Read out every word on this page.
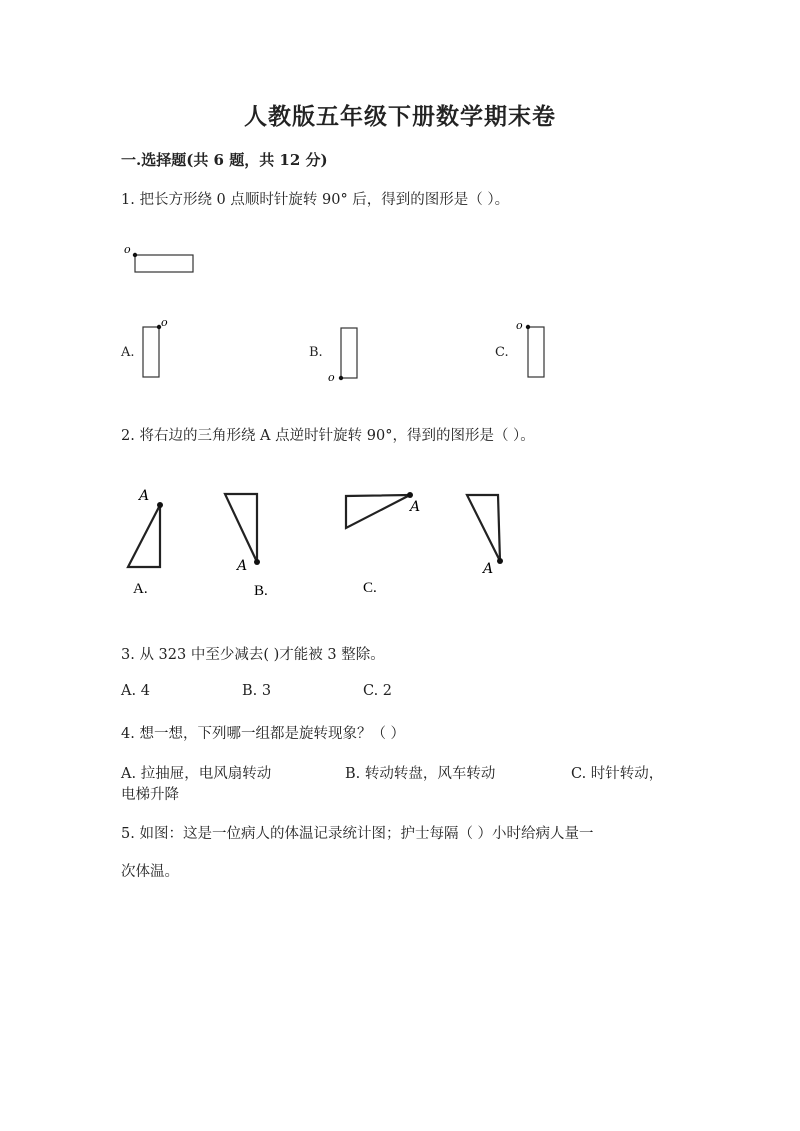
人教版五年级下册数学期末卷
一.选择题(共 6 题，共 12 分)
1. 把长方形绕 0 点顺时针旋转 90° 后，得到的图形是（ ）。
o
A.
o
B.
o
C.
o
2. 将右边的三角形绕 A 点逆时针旋转 90°，得到的图形是（ ）。
A
A.
A
B.
A
C.
A
3. 从 323 中至少减去( )才能被 3 整除。
A. 4	B. 3	C. 2
4. 想一想，下列哪一组都是旋转现象？（ ）
A. 拉抽屉，电风扇转动	B. 转动转盘，风车转动	C. 时针转动，
电梯升降
5. 如图：这是一位病人的体温记录统计图；护士每隔（ ）小时给病人量一
次体温。
